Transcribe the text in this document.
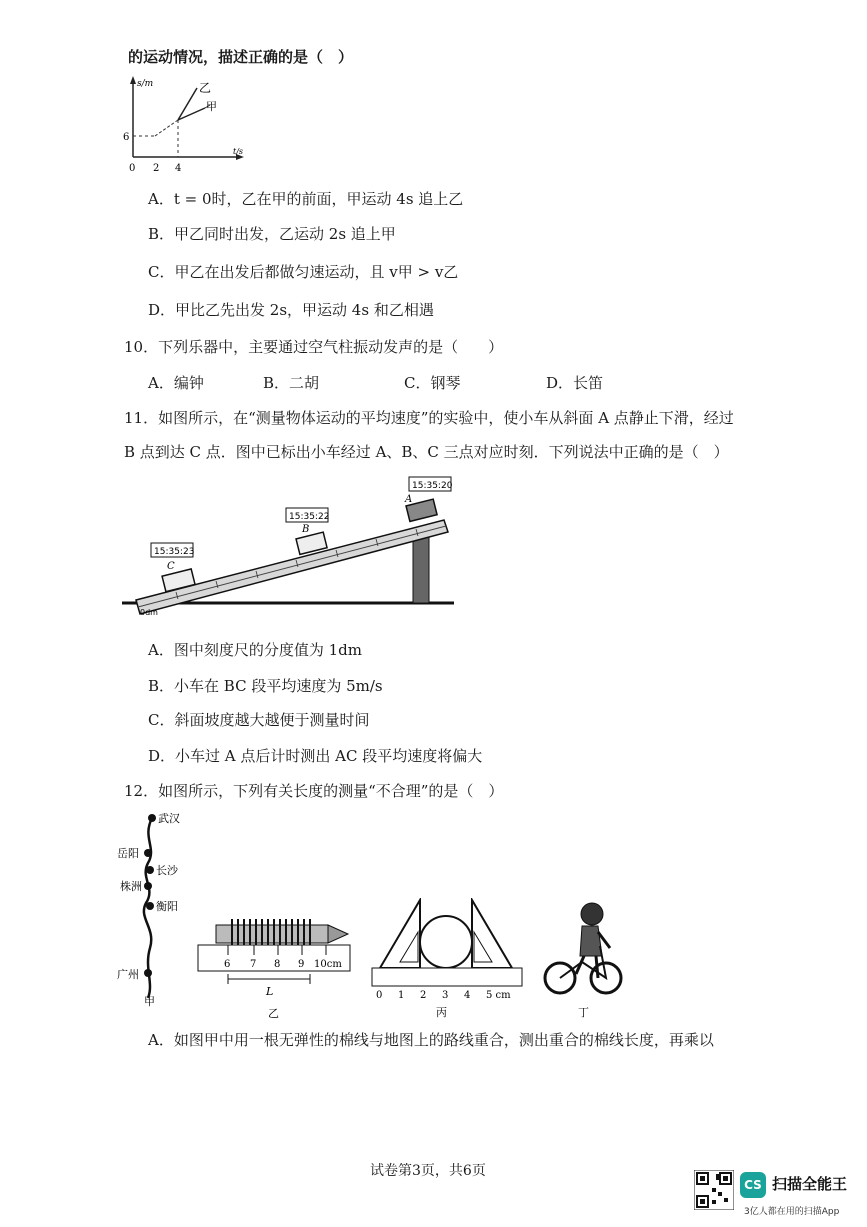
的运动情况，描述正确的是（　）
s/m
t/s
6
0 2 4
乙
甲
A．t = 0时，乙在甲的前面，甲运动 4s 追上乙
B．甲乙同时出发，乙运动 2s 追上甲
C．甲乙在出发后都做匀速运动，且 v甲 > v乙
D．甲比乙先出发 2s，甲运动 4s 和乙相遇
10．下列乐器中，主要通过空气柱振动发声的是（　　）
A．编钟	B．二胡	C．钢琴	D．长笛
11．如图所示，在“测量物体运动的平均速度”的实验中，使小车从斜面 A 点静止下滑，经过
B 点到达 C 点．图中已标出小车经过 A、B、C 三点对应时刻．下列说法中正确的是（　）
15:35:23
15:35:22
15:35:20
C
B
A
0dm
A．图中刻度尺的分度值为 1dm
B．小车在 BC 段平均速度为 5m/s
C．斜面坡度越大越便于测量时间
D．小车过 A 点后计时测出 AC 段平均速度将偏大
12．如图所示，下列有关长度的测量“不合理”的是（　）
武汉
岳阳
长沙
株洲
衡阳
广州
甲
6 7 8 9 10cm
L
乙
0 1 2 3 4 5 cm
丙	丁
A．如图甲中用一根无弹性的棉线与地图上的路线重合，测出重合的棉线长度，再乘以
试卷第3页，共6页
CS 扫描全能王
3亿人都在用的扫描App
